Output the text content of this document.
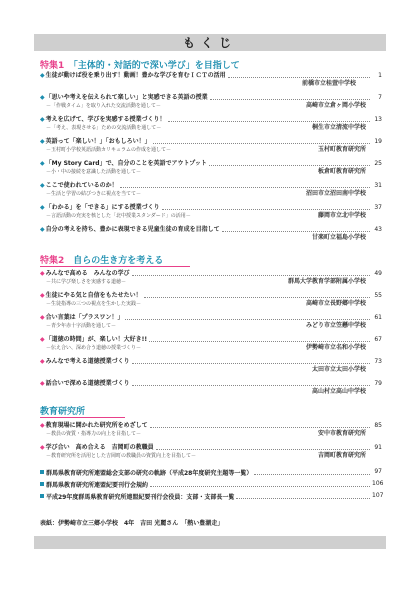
もくじ
特集1　 「主体的・対話的で深い学び」を目指して
◆ 生徒が動けば役を乗り出す！動画！豊かな学びを育むＩＣＴの活用	1
前橋市立桂萱中学校
◆ 「思いや考えを伝えられて楽しい」と実感できる英語の授業	7
－「作戦タイム」を取り入れた交流活動を通して－	高崎市立倉ヶ岡小学校
◆ 考えを広げて、学びを実感する授業づくり！	13
－「考え、表現させる」ための交流活動を通して－	桐生市立清流中学校
◆ 英語って「楽しい！」「おもしろい！」	19
－玉村町小学校英語活動カリキュラムの作成を通して－	玉村町教育研究所
◆ 「My Story Card」で、自分のことを英語でアウトプット	25
－小・中の接続を意識した活動を通して－	板倉町教育研究所
◆ ここで使われているのか！	31
－生活と学習の結びつきに視点を当てて－	沼田市立沼田南中学校
◆ 「わかる」を「できる」にする授業づくり	37
－言語活動の充実を核とした「北中授業スタンダード」の活用－	藤岡市立北中学校
◆ 自分の考えを持ち、豊かに表現できる児童生徒の育成を目指して	43
甘楽町立福島小学校
特集2　 自らの生き方を考える
◆ みんなで高める　みんなの学び	49
－共に学び楽しさを実感する道徳－	群馬大学教育学部附属小学校
◆ 生徒にやる気と自信をもたせたい！	55
－生徒指導の三つの視点を生かした実践－	高崎市立長野郷中学校
◆ 合い言葉は「プラスワン！」	61
－青少年赤十字活動を通して－	みどり市立笠懸中学校
◆ 「道徳の時間」が、楽しい！大好き!!	67
－伝え合い、深め合う道徳の授業づくり－	伊勢崎市立名和小学校
◆ みんなで考える道徳授業づくり	73
太田市立太田小学校
◆ 話合いで深める道徳授業づくり	79
高山村立高山中学校
教育研究所
◆ 教育現場に開かれた研究所をめざして	85
－教員の資質・指導力の向上を目指して－	安中市教育研究所
◆ 学び合い　高め合える　吉岡町の教職員	91
－教育研究所を活用とした吉岡町の教職員の資質向上を目指して－	吉岡町教育研究所
群馬県教育研究所連盟総会支部の研究の軌跡（平成28年度研究主題等一覧）	97
群馬県教育研究所連盟紀要刊行会規約	106
平成29年度群馬県教育研究所連盟紀要刊行会役員：支部・支部長一覧	107
表紙：伊勢崎市立三郷小学校　4年　吉田 光麗さん　「熱い豊潮走」
